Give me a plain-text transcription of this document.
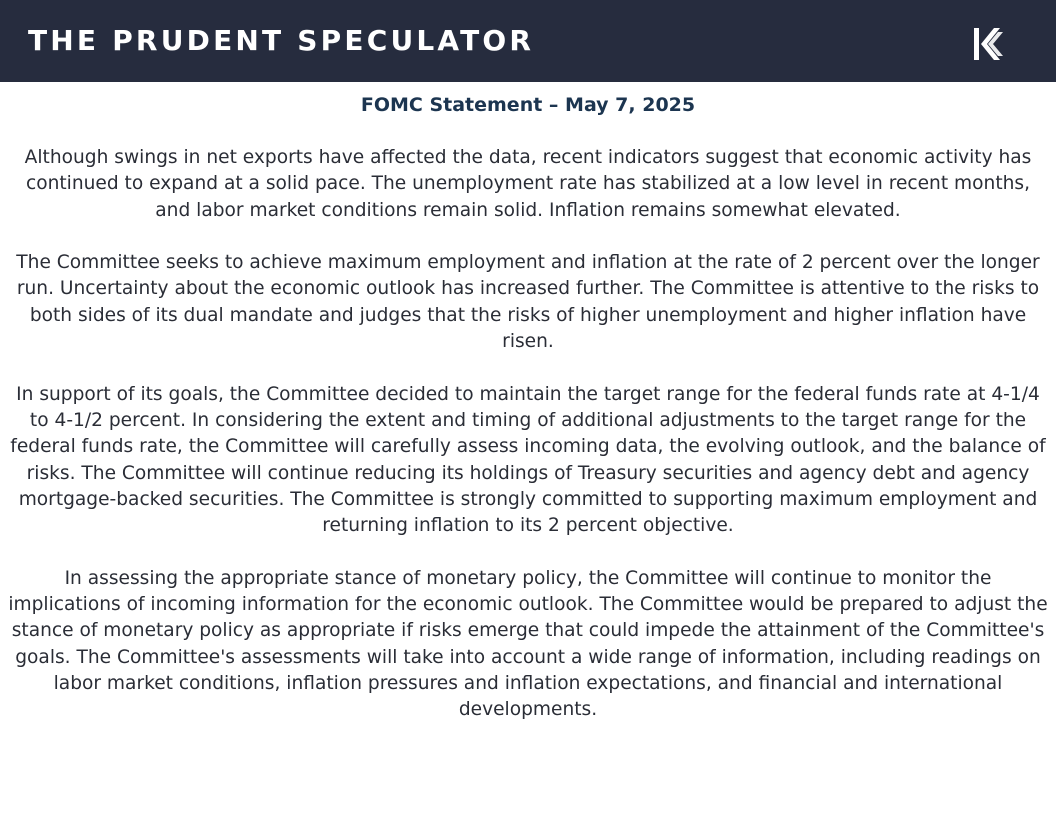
THE PRUDENT SPECULATOR
FOMC Statement – May 7, 2025

Although swings in net exports have affected the data, recent indicators suggest that economic activity has continued to expand at a solid pace. The unemployment rate has stabilized at a low level in recent months, and labor market conditions remain solid. Inflation remains somewhat elevated.

The Committee seeks to achieve maximum employment and inflation at the rate of 2 percent over the longer run. Uncertainty about the economic outlook has increased further. The Committee is attentive to the risks to both sides of its dual mandate and judges that the risks of higher unemployment and higher inflation have risen.

In support of its goals, the Committee decided to maintain the target range for the federal funds rate at 4-1/4 to 4-1/2 percent. In considering the extent and timing of additional adjustments to the target range for the federal funds rate, the Committee will carefully assess incoming data, the evolving outlook, and the balance of risks. The Committee will continue reducing its holdings of Treasury securities and agency debt and agency mortgage-backed securities. The Committee is strongly committed to supporting maximum employment and returning inflation to its 2 percent objective.

In assessing the appropriate stance of monetary policy, the Committee will continue to monitor the implications of incoming information for the economic outlook. The Committee would be prepared to adjust the stance of monetary policy as appropriate if risks emerge that could impede the attainment of the Committee's goals. The Committee's assessments will take into account a wide range of information, including readings on labor market conditions, inflation pressures and inflation expectations, and financial and international developments.
